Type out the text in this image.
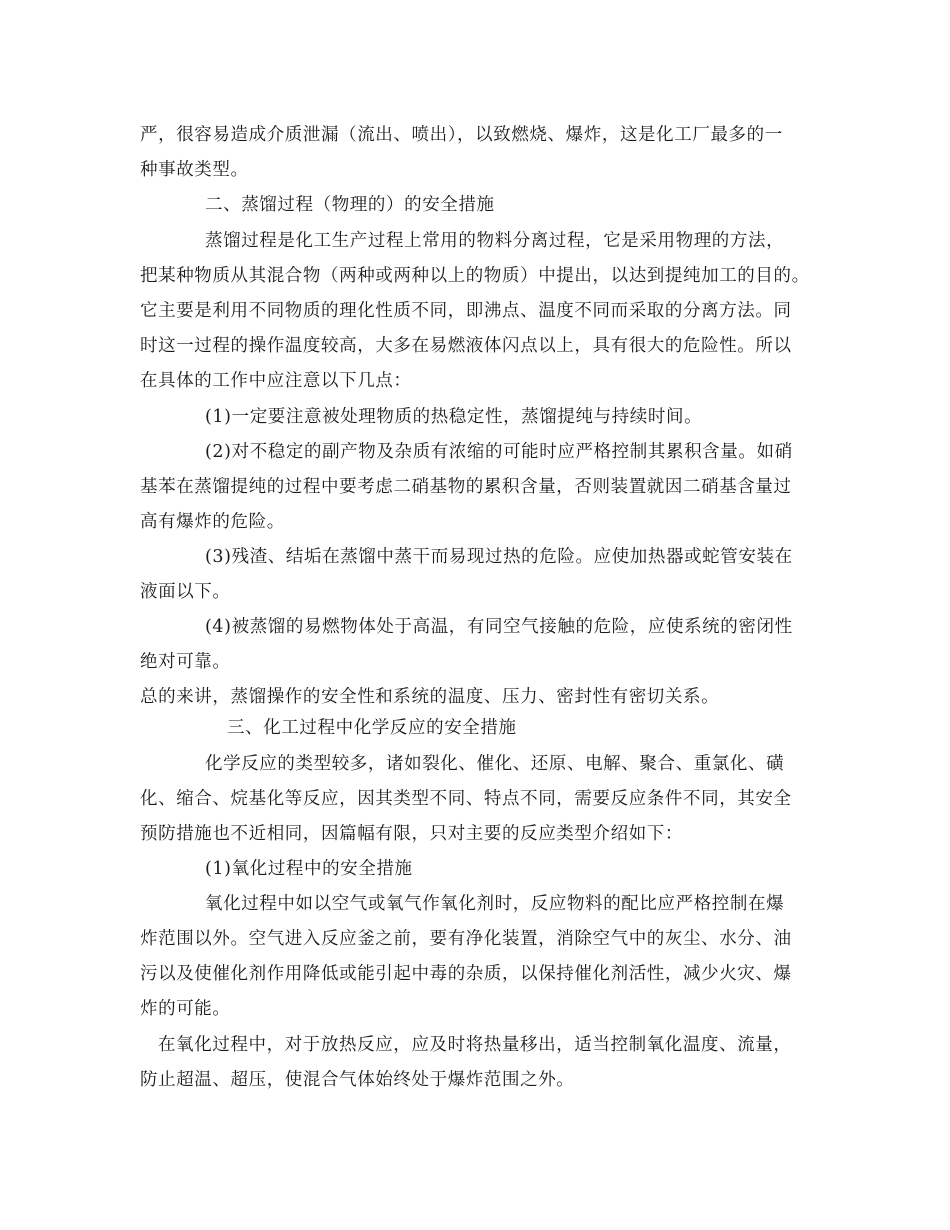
严，很容易造成介质泄漏（流出、喷出），以致燃烧、爆炸，这是化工厂最多的一
种事故类型。
二、蒸馏过程（物理的）的安全措施
蒸馏过程是化工生产过程上常用的物料分离过程，它是采用物理的方法，
把某种物质从其混合物（两种或两种以上的物质）中提出，以达到提纯加工的目的。
它主要是利用不同物质的理化性质不同，即沸点、温度不同而采取的分离方法。同
时这一过程的操作温度较高，大多在易燃液体闪点以上，具有很大的危险性。所以
在具体的工作中应注意以下几点：
(1)一定要注意被处理物质的热稳定性，蒸馏提纯与持续时间。
(2)对不稳定的副产物及杂质有浓缩的可能时应严格控制其累积含量。如硝
基苯在蒸馏提纯的过程中要考虑二硝基物的累积含量，否则装置就因二硝基含量过
高有爆炸的危险。
(3)残渣、结垢在蒸馏中蒸干而易现过热的危险。应使加热器或蛇管安装在
液面以下。
(4)被蒸馏的易燃物体处于高温，有同空气接触的危险，应使系统的密闭性
绝对可靠。
总的来讲，蒸馏操作的安全性和系统的温度、压力、密封性有密切关系。
三、化工过程中化学反应的安全措施
化学反应的类型较多，诸如裂化、催化、还原、电解、聚合、重氯化、磺
化、缩合、烷基化等反应，因其类型不同、特点不同，需要反应条件不同，其安全
预防措施也不近相同，因篇幅有限，只对主要的反应类型介绍如下：
(1)氧化过程中的安全措施
氧化过程中如以空气或氧气作氧化剂时，反应物料的配比应严格控制在爆
炸范围以外。空气进入反应釜之前，要有净化装置，消除空气中的灰尘、水分、油
污以及使催化剂作用降低或能引起中毒的杂质，以保持催化剂活性，减少火灾、爆
炸的可能。
在氧化过程中，对于放热反应，应及时将热量移出，适当控制氧化温度、流量，
防止超温、超压，使混合气体始终处于爆炸范围之外。
